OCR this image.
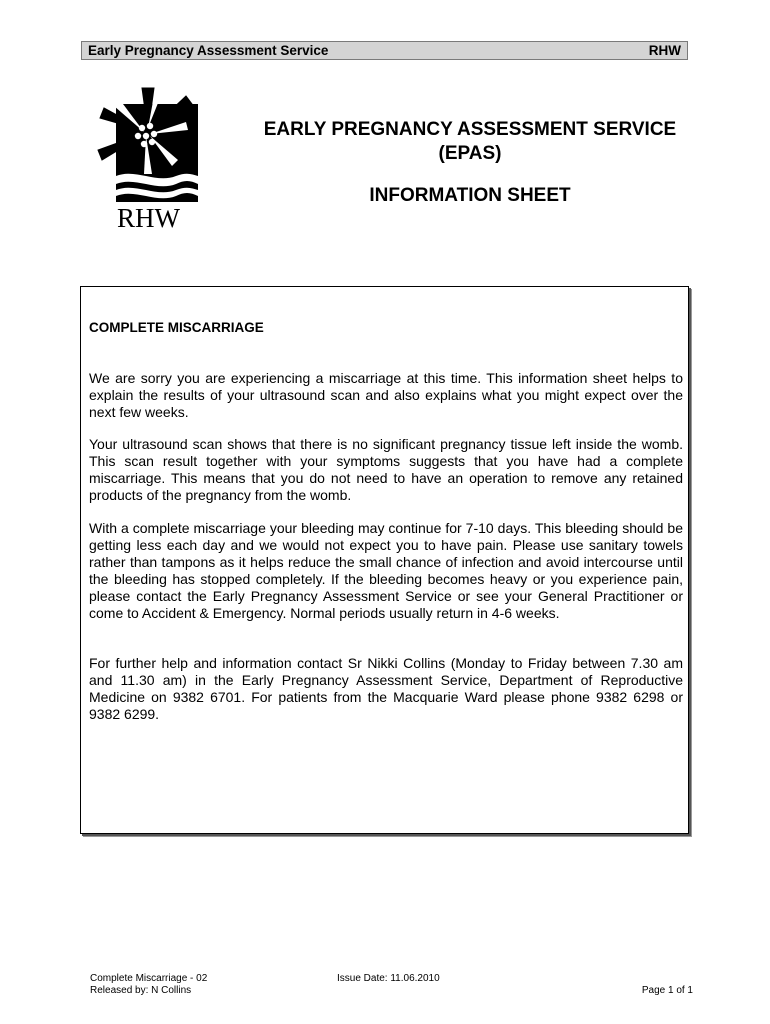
Early Pregnancy Assessment Service	RHW
RHW
EARLY PREGNANCY ASSESSMENT SERVICE
(EPAS)
INFORMATION SHEET
COMPLETE MISCARRIAGE
We are sorry you are experiencing a miscarriage at this time. This information sheet helps to explain the results of your ultrasound scan and also explains what you might expect over the next few weeks.
Your ultrasound scan shows that there is no significant pregnancy tissue left inside the womb. This scan result together with your symptoms suggests that you have had a complete miscarriage. This means that you do not need to have an operation to remove any retained products of the pregnancy from the womb.
With a complete miscarriage your bleeding may continue for 7-10 days. This bleeding should be getting less each day and we would not expect you to have pain. Please use sanitary towels rather than tampons as it helps reduce the small chance of infection and avoid intercourse until the bleeding has stopped completely. If the bleeding becomes heavy or you experience pain, please contact the Early Pregnancy Assessment Service or see your General Practitioner or come to Accident & Emergency. Normal periods usually return in 4-6 weeks.
For further help and information contact Sr Nikki Collins (Monday to Friday between 7.30 am and 11.30 am) in the Early Pregnancy Assessment Service, Department of Reproductive Medicine on 9382 6701. For patients from the Macquarie Ward please phone 9382 6298 or 9382 6299.
Complete Miscarriage - 02
Released by: N Collins
Issue Date: 11.06.2010
Page 1 of 1
